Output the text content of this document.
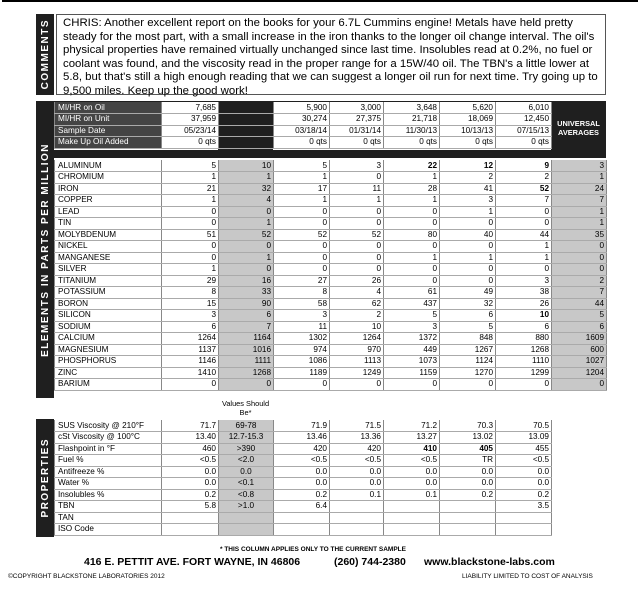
COMMENTS	CHRIS: Another excellent report on the books for your 6.7L Cummins engine! Metals have held pretty steady for the most part, with a small increase in the iron thanks to the longer oil change interval. The oil's physical properties have remained virtually unchanged since last time. Insolubles read at 0.2%, no fuel or coolant was found, and the viscosity read in the proper range for a 15W/40 oil. The TBN's a little lower at 5.8, but that's still a high enough reading that we can suggest a longer oil run for next time. Try going up to 9,500 miles. Keep up the good work!
ELEMENTS IN PARTS PER MILLION
UNIVERSAL AVERAGES
MI/HR on Oil	7,685		5,900	3,000	3,648	5,620	6,010
MI/HR on Unit	37,959		30,274	27,375	21,718	18,069	12,450
Sample Date	05/23/14		03/18/14	01/31/14	11/30/13	10/13/13	07/15/13
Make Up Oil Added	0 qts		0 qts	0 qts	0 qts	0 qts	0 qts
ALUMINUM	5	10	5	3	22	12	9	3
CHROMIUM	1	1	1	0	1	2	2	1
IRON	21	32	17	11	28	41	52	24
COPPER	1	4	1	1	1	3	7	7
LEAD	0	0	0	0	0	1	0	1
TIN	0	1	0	0	0	0	0	1
MOLYBDENUM	51	52	52	52	80	40	44	35
NICKEL	0	0	0	0	0	0	1	0
MANGANESE	0	1	0	0	1	1	1	0
SILVER	1	0	0	0	0	0	0	0
TITANIUM	29	16	27	26	0	0	3	2
POTASSIUM	8	33	8	4	61	49	38	7
BORON	15	90	58	62	437	32	26	44
SILICON	3	6	3	2	5	6	10	5
SODIUM	6	7	11	10	3	5	6	6
CALCIUM	1264	1164	1302	1264	1372	848	880	1609
MAGNESIUM	1137	1016	974	970	449	1267	1268	600
PHOSPHORUS	1146	1111	1086	1113	1073	1124	1110	1027
ZINC	1410	1268	1189	1249	1159	1270	1299	1204
BARIUM	0	0	0	0	0	0	0	0
Values Should Be*
PROPERTIES
SUS Viscosity @ 210°F	71.7	69-78	71.9	71.5	71.2	70.3	70.5
cSt Viscosity @ 100°C	13.40	12.7-15.3	13.46	13.36	13.27	13.02	13.09
Flashpoint in °F	460	>390	420	420	410	405	455
Fuel %	<0.5	<2.0	<0.5	<0.5	<0.5	TR	<0.5
Antifreeze %	0.0	0.0	0.0	0.0	0.0	0.0	0.0
Water %	0.0	<0.1	0.0	0.0	0.0	0.0	0.0
Insolubles %	0.2	<0.8	0.2	0.1	0.1	0.2	0.2
TBN	5.8	>1.0	6.4				3.5
TAN							
ISO Code							
* THIS COLUMN APPLIES ONLY TO THE CURRENT SAMPLE
416 E. PETTIT AVE. FORT WAYNE, IN 46806	(260) 744-2380 www.blackstone-labs.com
©COPYRIGHT BLACKSTONE LABORATORIES 2012	LIABILITY LIMITED TO COST OF ANALYSIS
